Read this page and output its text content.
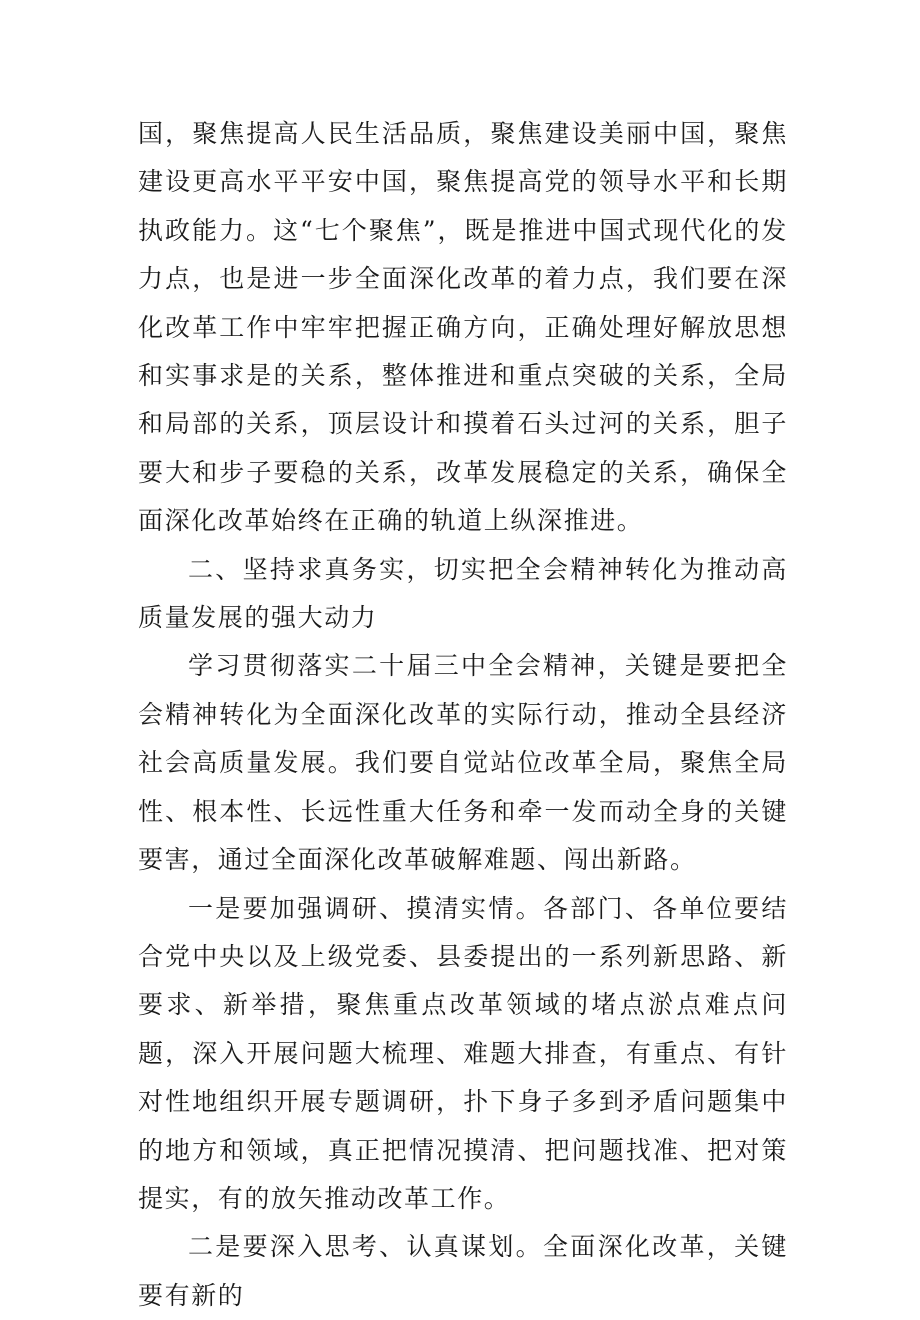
国，聚焦提高人民生活品质，聚焦建设美丽中国，聚焦建设更高水平平安中国，聚焦提高党的领导水平和长期执政能力。这“七个聚焦”，既是推进中国式现代化的发力点，也是进一步全面深化改革的着力点，我们要在深化改革工作中牢牢把握正确方向，正确处理好解放思想和实事求是的关系，整体推进和重点突破的关系，全局和局部的关系，顶层设计和摸着石头过河的关系，胆子要大和步子要稳的关系，改革发展稳定的关系，确保全面深化改革始终在正确的轨道上纵深推进。

二、坚持求真务实，切实把全会精神转化为推动高质量发展的强大动力

学习贯彻落实二十届三中全会精神，关键是要把全会精神转化为全面深化改革的实际行动，推动全县经济社会高质量发展。我们要自觉站位改革全局，聚焦全局性、根本性、长远性重大任务和牵一发而动全身的关键要害，通过全面深化改革破解难题、闯出新路。

一是要加强调研、摸清实情。各部门、各单位要结合党中央以及上级党委、县委提出的一系列新思路、新要求、新举措，聚焦重点改革领域的堵点淤点难点问题，深入开展问题大梳理、难题大排查，有重点、有针对性地组织开展专题调研，扑下身子多到矛盾问题集中的地方和领域，真正把情况摸清、把问题找准、把对策提实，有的放矢推动改革工作。

二是要深入思考、认真谋划。全面深化改革，关键要有新的
